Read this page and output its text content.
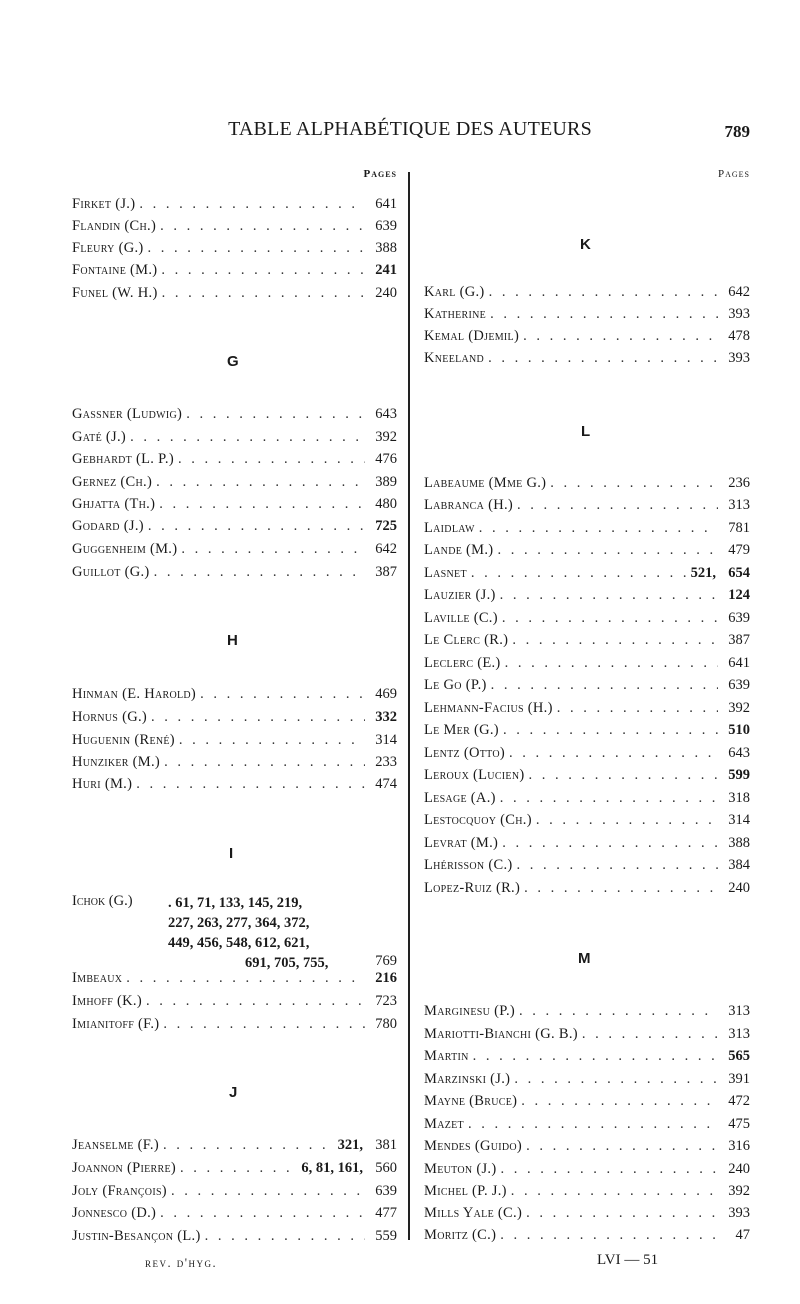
TABLE ALPHABÉTIQUE DES AUTEURS	789
Pages	Pages
Firket (J.) . . .	641
Flandin (Ch.) . . .	639
Fleury (G.) . . .	388
Fontaine (M.) . . .	241
Funel (W. H.) . . .	240
G
Gassner (Ludwig) . . .	643
Gaté (J.) . . .	392
Gebhardt (L. P.) . . .	476
Gernez (Ch.) . . .	389
Ghjatta (Th.) . . .	480
Godard (J.) . . .	725
Guggenheim (M.) . . .	642
Guillot (G.) . . .	387
H
Hinman (E. Harold) . . .	469
Hornus (G.) . . .	332
Huguenin (René) . . .	314
Hunziker (M.) . . .	233
Huri (M.) . . .	474
I
Ichok (G.) . 61, 71, 133, 145, 219,
227, 263, 277, 364, 372,
449, 456, 548, 612, 621,
691, 705, 755,	769
Imbeaux . . .	216
Imhoff (K.) . . .	723
Imianitoff (F.) . . .	780
J
Jeanselme (F.) . . .	321, 381
Joannon (Pierre) . . .	6, 81, 161, 560
Joly (François) . . .	639
Jonnesco (D.) . . .	477
Justin-Besançon (L.) . . .	559
K
Karl (G.) . . .	642
Katherine . . .	393
Kemal (Djemil) . . .	478
Kneeland . . .	393
L
Labeaume (Mme G.) . . .	236
Labranca (H.) . . .	313
Laidlaw . . .	781
Lande (M.) . . .	479
Lasnet . . .	521, 654
Lauzier (J.) . . .	124
Laville (C.) . . .	639
Le Clerc (R.) . . .	387
Leclerc (E.) . . .	641
Le Go (P.) . . .	639
Lehmann-Facius (H.) . . .	392
Le Mer (G.) . . .	510
Lentz (Otto) . . .	643
Leroux (Lucien) . . .	599
Lesage (A.) . . .	318
Lestocquoy (Ch.) . . .	314
Levrat (M.) . . .	388
Lhérisson (C.) . . .	384
Lopez-Ruiz (R.) . . .	240
M
Marginesu (P.) . . .	313
Mariotti-Bianchi (G. B.) . . .	313
Martin . . .	565
Marzinski (J.) . . .	391
Mayne (Bruce) . . .	472
Mazet . . .	475
Mendes (Guido) . . .	316
Meuton (J.) . . .	240
Michel (P. J.) . . .	392
Mills Yale (C.) . . .	393
Moritz (C.) . . .	47
rev. d'hyg.	LVI — 51
